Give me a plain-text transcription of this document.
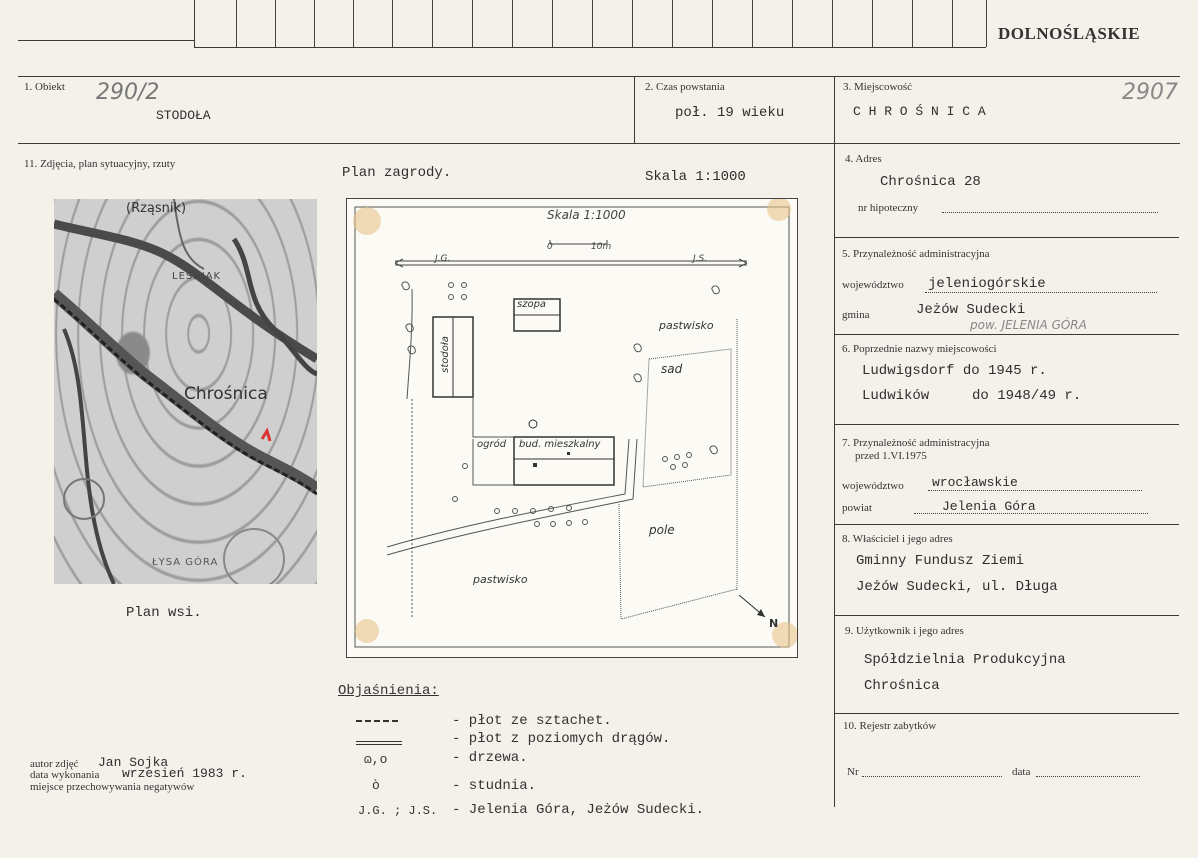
DOLNOŚLĄSKIE
1. Obiekt 290/2
STODOŁA
2. Czas powstania
poł. 19 wieku
3. Miejscowość
C H R O Ś N I C A
2907
11. Zdjęcia, plan sytuacyjny, rzuty
Plan zagrody.	Skala 1:1000
(Rząsnik)
LEŚNIAK
Chrośnica
ŁYSA GÓRA
Plan wsi.
Skala 1:1000
0	10m
J.G.	J.S.
szopa
stodoła
pastwisko
sad
ogród bud. mieszkalny
pole
pastwisko
N
Objaśnienia:
- płot ze sztachet.
- płot z poziomych drągów.
ɷ,o	- drzewa.
ò	- studnia.
J.G. ; J.S. - Jelenia Góra, Jeżów Sudecki.
autor zdjęć Jan Sojka
data wykonania wrzesień 1983 r.
miejsce przechowywania negatywów
4. Adres
Chrośnica 28
nr hipoteczny
5. Przynależność administracyjna
województwo jeleniogórskie
gmina	Jeżów Sudecki
pow. JELENIA GÓRA
6. Poprzednie nazwy miejscowości
Ludwigsdorf do 1945 r.
Ludwików	do 1948/49 r.
7. Przynależność administracyjna
przed 1.VI.1975
województwo wrocławskie
powiat	Jelenia Góra
8. Właściciel i jego adres
Gminny Fundusz Ziemi
Jeżów Sudecki, ul. Długa
9. Użytkownik i jego adres
Spółdzielnia Produkcyjna
Chrośnica
10. Rejestr zabytków
Nr	data
